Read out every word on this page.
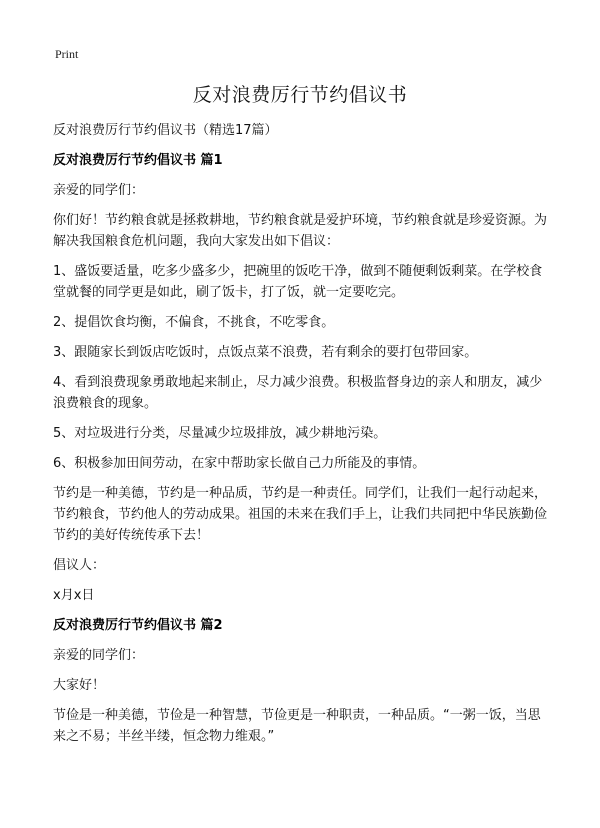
Print
反对浪费厉行节约倡议书

反对浪费厉行节约倡议书（精选17篇）

反对浪费厉行节约倡议书 篇1

亲爱的同学们：

你们好！节约粮食就是拯救耕地，节约粮食就是爱护环境，节约粮食就是珍爱资源。为解决我国粮食危机问题，我向大家发出如下倡议：

1、盛饭要适量，吃多少盛多少，把碗里的饭吃干净，做到不随便剩饭剩菜。在学校食堂就餐的同学更是如此，刷了饭卡，打了饭，就一定要吃完。

2、提倡饮食均衡，不偏食，不挑食，不吃零食。

3、跟随家长到饭店吃饭时，点饭点菜不浪费，若有剩余的要打包带回家。

4、看到浪费现象勇敢地起来制止，尽力减少浪费。积极监督身边的亲人和朋友，减少浪费粮食的现象。

5、对垃圾进行分类，尽量减少垃圾排放，减少耕地污染。

6、积极参加田间劳动，在家中帮助家长做自己力所能及的事情。

节约是一种美德，节约是一种品质，节约是一种责任。同学们，让我们一起行动起来，节约粮食，节约他人的劳动成果。祖国的未来在我们手上，让我们共同把中华民族勤俭节约的美好传统传承下去！

倡议人：

x月x日

反对浪费厉行节约倡议书 篇2

亲爱的同学们：

大家好！

节俭是一种美德，节俭是一种智慧，节俭更是一种职责，一种品质。“一粥一饭，当思来之不易；半丝半缕，恒念物力维艰。”
